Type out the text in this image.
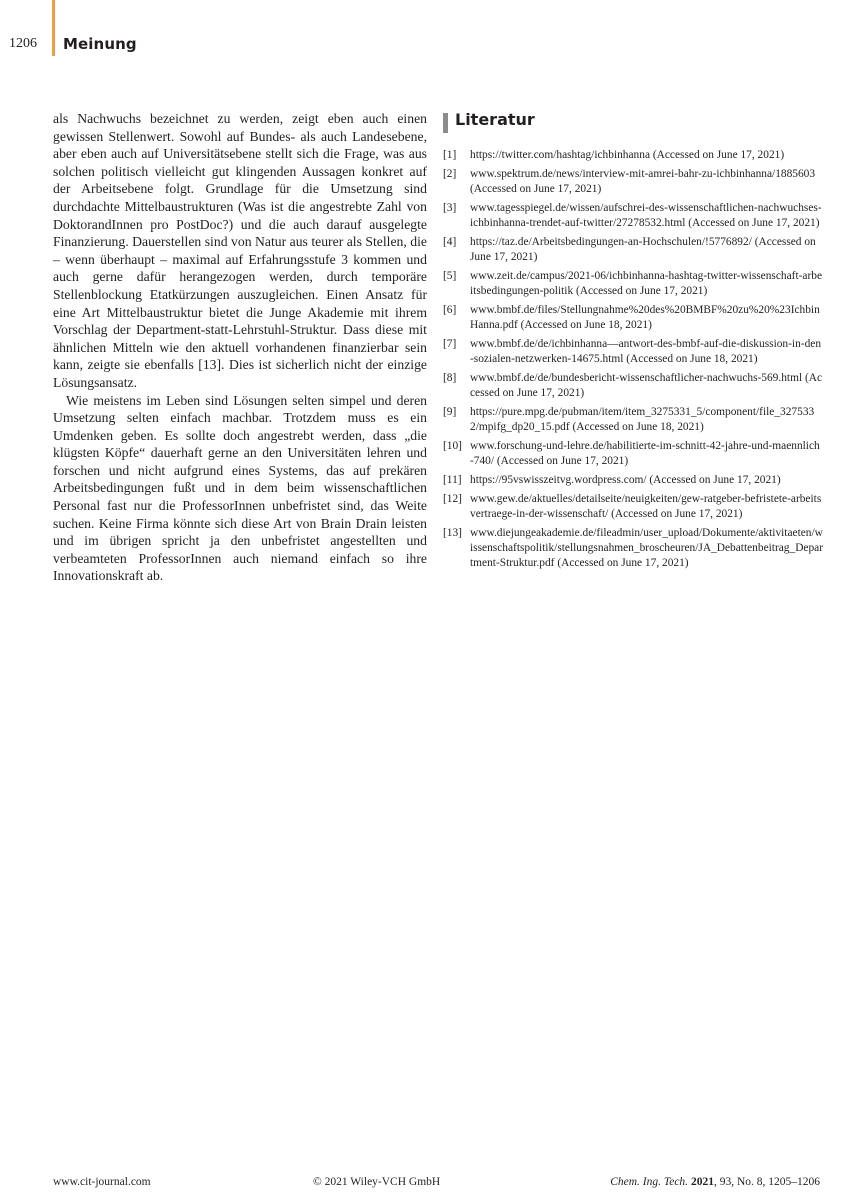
1206 Meinung

als Nachwuchs bezeichnet zu werden, zeigt eben auch einen gewissen Stellenwert. Sowohl auf Bundes- als auch Landesebene, aber eben auch auf Universitätsebene stellt sich die Frage, was aus solchen politisch vielleicht gut klingenden Aussagen konkret auf der Arbeitsebene folgt. Grundlage für die Umsetzung sind durchdachte Mittelbaustrukturen (Was ist die angestrebte Zahl von DoktorandInnen pro PostDoc?) und die auch darauf ausgelegte Finanzierung. Dauerstellen sind von Natur aus teurer als Stellen, die – wenn überhaupt – maximal auf Erfahrungsstufe 3 kommen und auch gerne dafür herangezogen werden, durch temporäre Stellenblockung Etatkürzungen auszugleichen. Einen Ansatz für eine Art Mittelbaustruktur bietet die Junge Akademie mit ihrem Vorschlag der Department-statt-Lehrstuhl-Struktur. Dass diese mit ähnlichen Mitteln wie den aktuell vorhandenen finanzierbar sein kann, zeigte sie ebenfalls [13]. Dies ist sicherlich nicht der einzige Lösungsansatz.

Wie meistens im Leben sind Lösungen selten simpel und deren Umsetzung selten einfach machbar. Trotzdem muss es ein Umdenken geben. Es sollte doch angestrebt werden, dass „die klügsten Köpfe“ dauerhaft gerne an den Universitäten lehren und forschen und nicht aufgrund eines Systems, das auf prekären Arbeitsbedingungen fußt und in dem beim wissenschaftlichen Personal fast nur die ProfessorInnen unbefristet sind, das Weite suchen. Keine Firma könnte sich diese Art von Brain Drain leisten und im übrigen spricht ja den unbefristet angestellten und verbeamteten ProfessorInnen auch niemand einfach so ihre Innovationskraft ab.

Literatur
[1]	https://twitter.com/hashtag/ichbinhanna (Accessed on June 17, 2021)
[2]	www.spektrum.de/news/interview-mit-amrei-bahr-zu-ichbinhanna/1885603 (Accessed on June 17, 2021)
[3]	www.tagesspiegel.de/wissen/aufschrei-des-wissenschaftlichen-nachwuchses-ichbinhanna-trendet-auf-twitter/27278532.html (Accessed on June 17, 2021)
[4]	https://taz.de/Arbeitsbedingungen-an-Hochschulen/!5776892/ (Accessed on June 17, 2021)
[5]	www.zeit.de/campus/2021-06/ichbinhanna-hashtag-twitter-wissenschaft-arbeitsbedingungen-politik (Accessed on June 17, 2021)
[6]	www.bmbf.de/files/Stellungnahme%20des%20BMBF%20zu%20%23IchbinHanna.pdf (Accessed on June 18, 2021)
[7]	www.bmbf.de/de/ichbinhanna—antwort-des-bmbf-auf-die-diskussion-in-den-sozialen-netzwerken-14675.html (Accessed on June 18, 2021)
[8]	www.bmbf.de/de/bundesbericht-wissenschaftlicher-nachwuchs-569.html (Accessed on June 17, 2021)
[9]	https://pure.mpg.de/pubman/item/item_3275331_5/component/file_3275332/mpifg_dp20_15.pdf (Accessed on June 18, 2021)
[10] www.forschung-und-lehre.de/habilitierte-im-schnitt-42-jahre-und-maennlich-740/ (Accessed on June 17, 2021)
[11] https://95vswisszeitvg.wordpress.com/ (Accessed on June 17, 2021)
[12] www.gew.de/aktuelles/detailseite/neuigkeiten/gew-ratgeber-befristete-arbeitsvertraege-in-der-wissenschaft/ (Accessed on June 17, 2021)
[13] www.diejungeakademie.de/fileadmin/user_upload/Dokumente/aktivitaeten/wissenschaftspolitik/stellungsnahmen_broscheuren/JA_Debattenbeitrag_Department-Struktur.pdf (Accessed on June 17, 2021)
www.cit-journal.com	© 2021 Wiley-VCH GmbH	Chem. Ing. Tech. 2021, 93, No. 8, 1205–1206
